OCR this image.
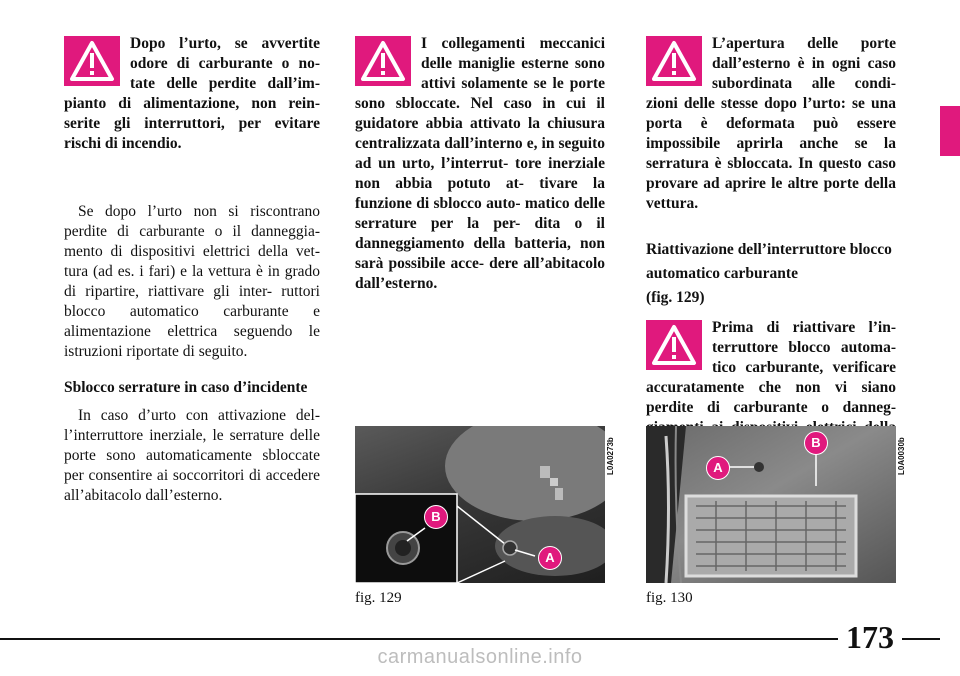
Dopo l’urto, se avvertite odore di carburante o no- tate delle perdite dall’im- pianto di alimentazione, non rein- serite gli interruttori, per evitare rischi di incendio.

Se dopo l’urto non si riscontrano perdite di carburante o il danneggia- mento di dispositivi elettrici della vet- tura (ad es. i fari) e la vettura è in grado di ripartire, riattivare gli inter- ruttori blocco automatico carburante e alimentazione elettrica seguendo le istruzioni riportate di seguito.

Sblocco serrature in caso d’incidente

In caso d’urto con attivazione del- l’interruttore inerziale, le serrature delle porte sono automaticamente sbloccate per consentire ai soccorritori di accedere all’abitacolo dall’esterno.

I collegamenti meccanici delle maniglie esterne sono attivi solamente se le porte sono sbloccate. Nel caso in cui il guidatore abbia attivato la chiusura centralizzata dall’interno e, in seguito ad un urto, l’interrut- tore inerziale non abbia potuto at- tivare la funzione di sblocco auto- matico delle serrature per la per- dita o il danneggiamento della batteria, non sarà possibile acce- dere all’abitacolo dall’esterno.

L’apertura delle porte dall’esterno è in ogni caso subordinata alle condi- zioni delle stesse dopo l’urto: se una porta è deformata può essere impossibile aprirla anche se la serratura è sbloccata. In questo caso provare ad aprire le altre porte della vettura.

Riattivazione dell’interruttore blocco automatico carburante
(fig. 129)

Prima di riattivare l’in- terruttore blocco automa- tico carburante, verificare accuratamente che non vi siano perdite di carburante o danneg-

B
A
L0A0273b
fig. 129
A
B	L0A0030b
fig. 130
173
carmanualsonline.info
